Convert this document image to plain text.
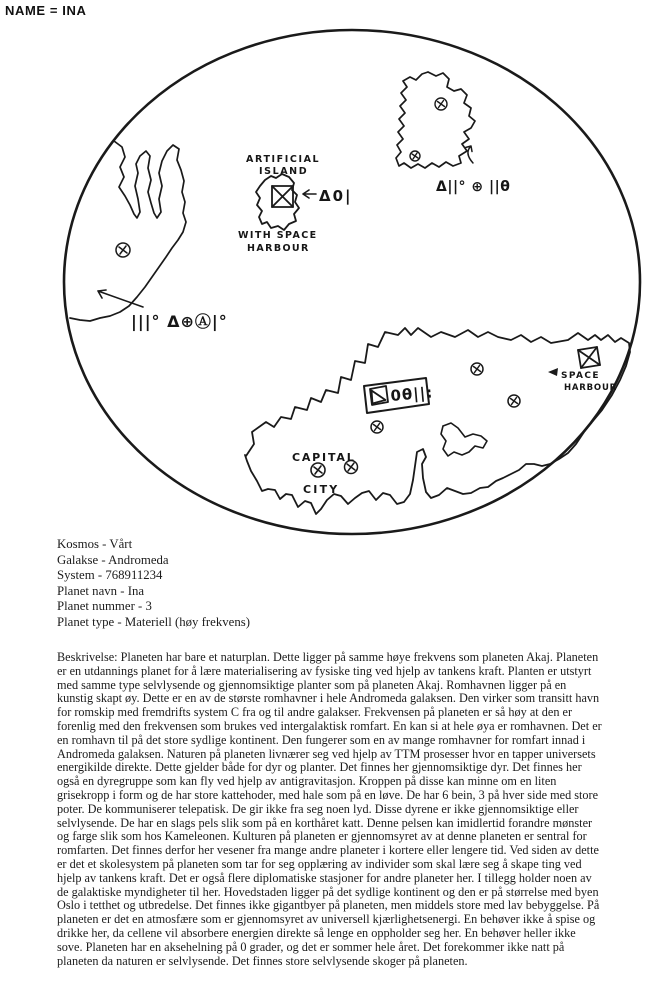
NAME = INA
|||° Δ⊕Ⓐ|°
Δ||° ⊕ ||θ
ARTIFICIAL
ISLAND
Δ0|
WITH SPACE
HARBOUR
0θ||:
CAPITAL
CITY
SPACE
HARBOUR
Kosmos - Vårt
Galakse - Andromeda
System - 768911234
Planet navn - Ina
Planet nummer - 3
Planet type - Materiell (høy frekvens)
Beskrivelse: Planeten har bare et naturplan. Dette ligger på samme høye frekvens som planeten Akaj. Planeten
er en utdannings planet for å lære materialisering av fysiske ting ved hjelp av tankens kraft. Planten er utstyrt
med samme type selvlysende og gjennomsiktige planter som på planeten Akaj. Romhavnen ligger på en
kunstig skapt øy. Dette er en av de største romhavner i hele Andromeda galaksen. Den virker som transitt havn
for romskip med fremdrifts system C fra og til andre galakser. Frekvensen på planeten er så høy at den er
forenlig med den frekvensen som brukes ved intergalaktisk romfart. En kan si at hele øya er romhavnen. Det er
en romhavn til på det store sydlige kontinent. Den fungerer som en av mange romhavner for romfart innad i
Andromeda galaksen. Naturen på planeten livnærer seg ved hjelp av TTM prosesser hvor en tapper universets
energikilde direkte. Dette gjelder både for dyr og planter. Det finnes her gjennomsiktige dyr. Det finnes her
også en dyregruppe som kan fly ved hjelp av antigravitasjon. Kroppen på disse kan minne om en liten
grisekropp i form og de har store kattehoder, med hale som på en løve. De har 6 bein, 3 på hver side med store
poter. De kommuniserer telepatisk. De gir ikke fra seg noen lyd. Disse dyrene er ikke gjennomsiktige eller
selvlysende. De har en slags pels slik som på en korthåret katt. Denne pelsen kan imidlertid forandre mønster
og farge slik som hos Kameleonen. Kulturen på planeten er gjennomsyret av at denne planeten er sentral for
romfarten. Det finnes derfor her vesener fra mange andre planeter i kortere eller lengere tid. Ved siden av dette
er det et skolesystem på planeten som tar for seg opplæring av individer som skal lære seg å skape ting ved
hjelp av tankens kraft. Det er også flere diplomatiske stasjoner for andre planeter her. I tillegg holder noen av
de galaktiske myndigheter til her. Hovedstaden ligger på det sydlige kontinent og den er på størrelse med byen
Oslo i tetthet og utbredelse. Det finnes ikke gigantbyer på planeten, men middels store med lav bebyggelse. På
planeten er det en atmosfære som er gjennomsyret av universell kjærlighetsenergi. En behøver ikke å spise og
drikke her, da cellene vil absorbere energien direkte så lenge en oppholder seg her. En behøver heller ikke
sove. Planeten har en aksehelning på 0 grader, og det er sommer hele året. Det forekommer ikke natt på
planeten da naturen er selvlysende. Det finnes store selvlysende skoger på planeten.
